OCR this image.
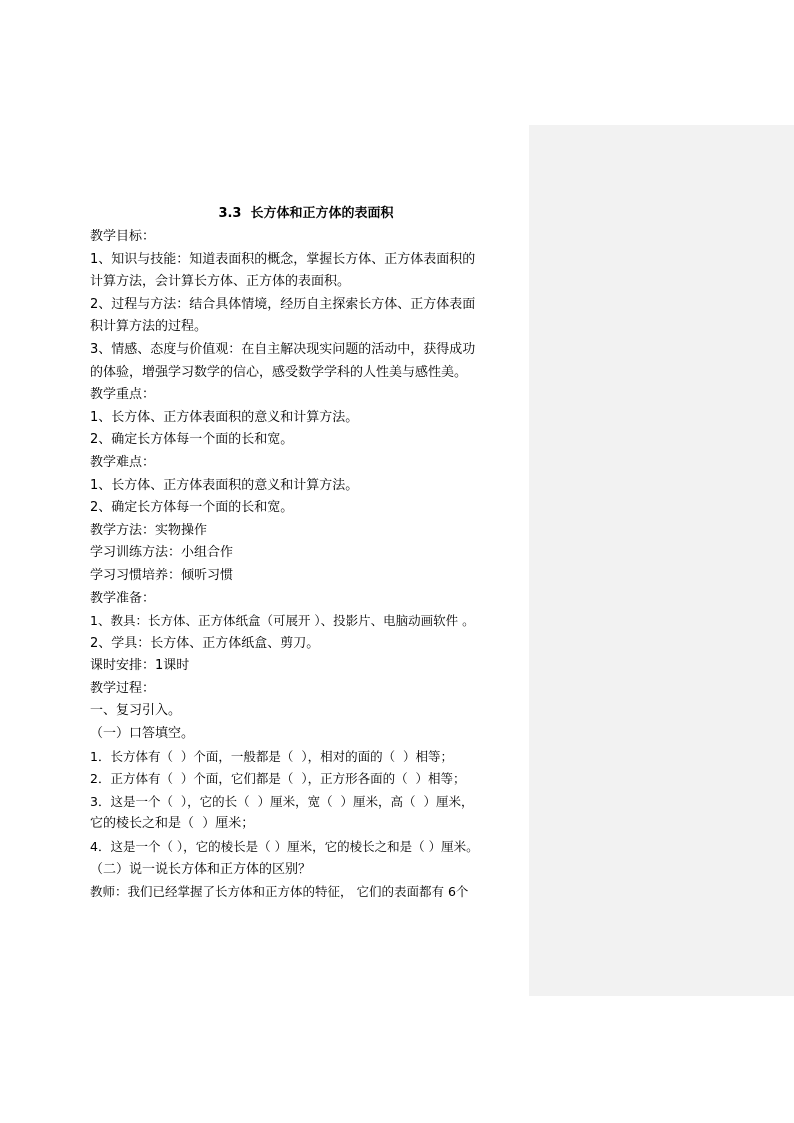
3.3  长方体和正方体的表面积
教学目标：
1、知识与技能：知道表面积的概念，掌握长方体、正方体表面积的
计算方法，会计算长方体、正方体的表面积。
2、过程与方法：结合具体情境，经历自主探索长方体、正方体表面
积计算方法的过程。
3、情感、态度与价值观：在自主解决现实问题的活动中，获得成功
的体验，增强学习数学的信心，感受数学学科的人性美与感性美。
教学重点：
1、长方体、正方体表面积的意义和计算方法。
2、确定长方体每一个面的长和宽。
教学难点：
1、长方体、正方体表面积的意义和计算方法。
2、确定长方体每一个面的长和宽。
教学方法：实物操作
学习训练方法：小组合作
学习习惯培养：倾听习惯
教学准备：
1、教具：长方体、正方体纸盒（可展开 ）、投影片、电脑动画软件 。
2、学具：长方体、正方体纸盒、剪刀。
课时安排：1课时
教学过程：
一、复习引入。
（一）口答填空。
1．长方体有（  ）个面，一般都是（  ），相对的面的（  ）相等；
2．正方体有（  ）个面，它们都是（  ），正方形各面的（  ）相等；
3．这是一个（  ），它的长（  ）厘米，宽（  ）厘米，高（  ）厘米，
它的棱长之和是（  ）厘米；
4．这是一个（ ），它的棱长是（ ）厘米，它的棱长之和是（ ）厘米。
（二）说一说长方体和正方体的区别？
教师：我们已经掌握了长方体和正方体的特征， 它们的表面都有 6个
